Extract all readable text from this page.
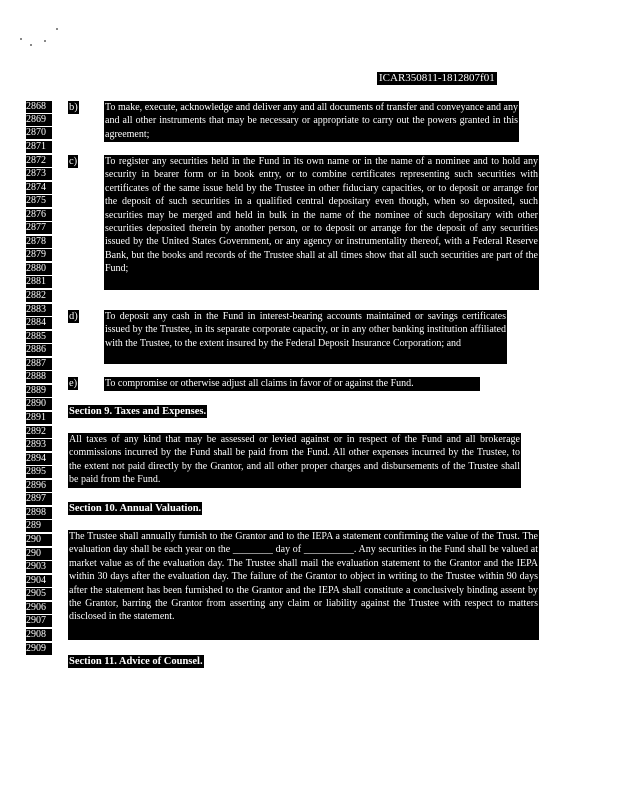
ICAR350811-1812807f01
2868
2869
2870
2871
2872
2873
2874
2875
2876
2877
2878
2879
2880
2881
2882
2883
2884
2885
2886
2887
2888
2889
2890
2891
2892
2893
2894
2895
2896
2897
2898
289
290
290
2903
2904
2905
2906
2907
2908
2909
b)	To make, execute, acknowledge and deliver any and all documents of transfer and conveyance and any and all other instruments that may be necessary or appropriate to carry out the powers granted in this agreement;
c)	To register any securities held in the Fund in its own name or in the name of a nominee and to hold any security in bearer form or in book entry, or to combine certificates representing such securities with certificates of the same issue held by the Trustee in other fiduciary capacities, or to deposit or arrange for the deposit of such securities in a qualified central depositary even though, when so deposited, such securities may be merged and held in bulk in the name of the nominee of such depositary with other securities deposited therein by another person, or to deposit or arrange for the deposit of any securities issued by the United States Government, or any agency or instrumentality thereof, with a Federal Reserve Bank, but the books and records of the Trustee shall at all times show that all such securities are part of the Fund;
d)	To deposit any cash in the Fund in interest-bearing accounts maintained or savings certificates issued by the Trustee, in its separate corporate capacity, or in any other banking institution affiliated with the Trustee, to the extent insured by the Federal Deposit Insurance Corporation; and
e)	To compromise or otherwise adjust all claims in favor of or against the Fund.
Section 9. Taxes and Expenses.
All taxes of any kind that may be assessed or levied against or in respect of the Fund and all brokerage commissions incurred by the Fund shall be paid from the Fund. All other expenses incurred by the Trustee, to the extent not paid directly by the Grantor, and all other proper charges and disbursements of the Trustee shall be paid from the Fund.
Section 10. Annual Valuation.
The Trustee shall annually furnish to the Grantor and to the IEPA a statement confirming the value of the Trust. The evaluation day shall be each year on the ________ day of __________. Any securities in the Fund shall be valued at market value as of the evaluation day. The Trustee shall mail the evaluation statement to the Grantor and the IEPA within 30 days after the evaluation day. The failure of the Grantor to object in writing to the Trustee within 90 days after the statement has been furnished to the Grantor and the IEPA shall constitute a conclusively binding assent by the Grantor, barring the Grantor from asserting any claim or liability against the Trustee with respect to matters disclosed in the statement.
Section 11. Advice of Counsel.
